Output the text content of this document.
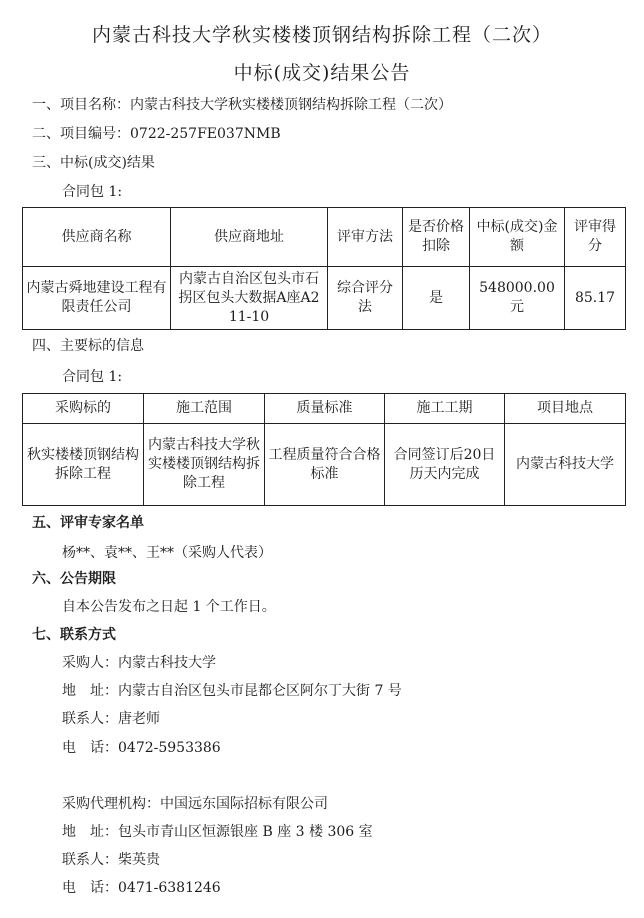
内蒙古科技大学秋实楼楼顶钢结构拆除工程（二次）
中标(成交)结果公告
一、项目名称：内蒙古科技大学秋实楼楼顶钢结构拆除工程（二次）
二、项目编号：0722-257FE037NMB
三、中标(成交)结果
合同包 1:
供应商名称	供应商地址	评审方法	是否价格扣除	中标(成交)金额	评审得分
内蒙古舜地建设工程有限责任公司	内蒙古自治区包头市石拐区包头大数据A座A211-10	综合评分法	是	548000.00元	85.17
四、主要标的信息
合同包 1:
采购标的	施工范围	质量标准	施工工期	项目地点
秋实楼楼顶钢结构拆除工程	内蒙古科技大学秋实楼楼顶钢结构拆除工程	工程质量符合合格标准	合同签订后20日历天内完成	内蒙古科技大学
五、评审专家名单
杨**、袁**、王**（采购人代表）
六、公告期限
自本公告发布之日起 1 个工作日。
七、联系方式
采购人：内蒙古科技大学
地　址：内蒙古自治区包头市昆都仑区阿尔丁大街 7 号
联系人：唐老师
电　话：0472-5953386
采购代理机构：中国远东国际招标有限公司
地　址：包头市青山区恒源银座 B 座 3 楼 306 室
联系人：柴英贵
电　话：0471-6381246
